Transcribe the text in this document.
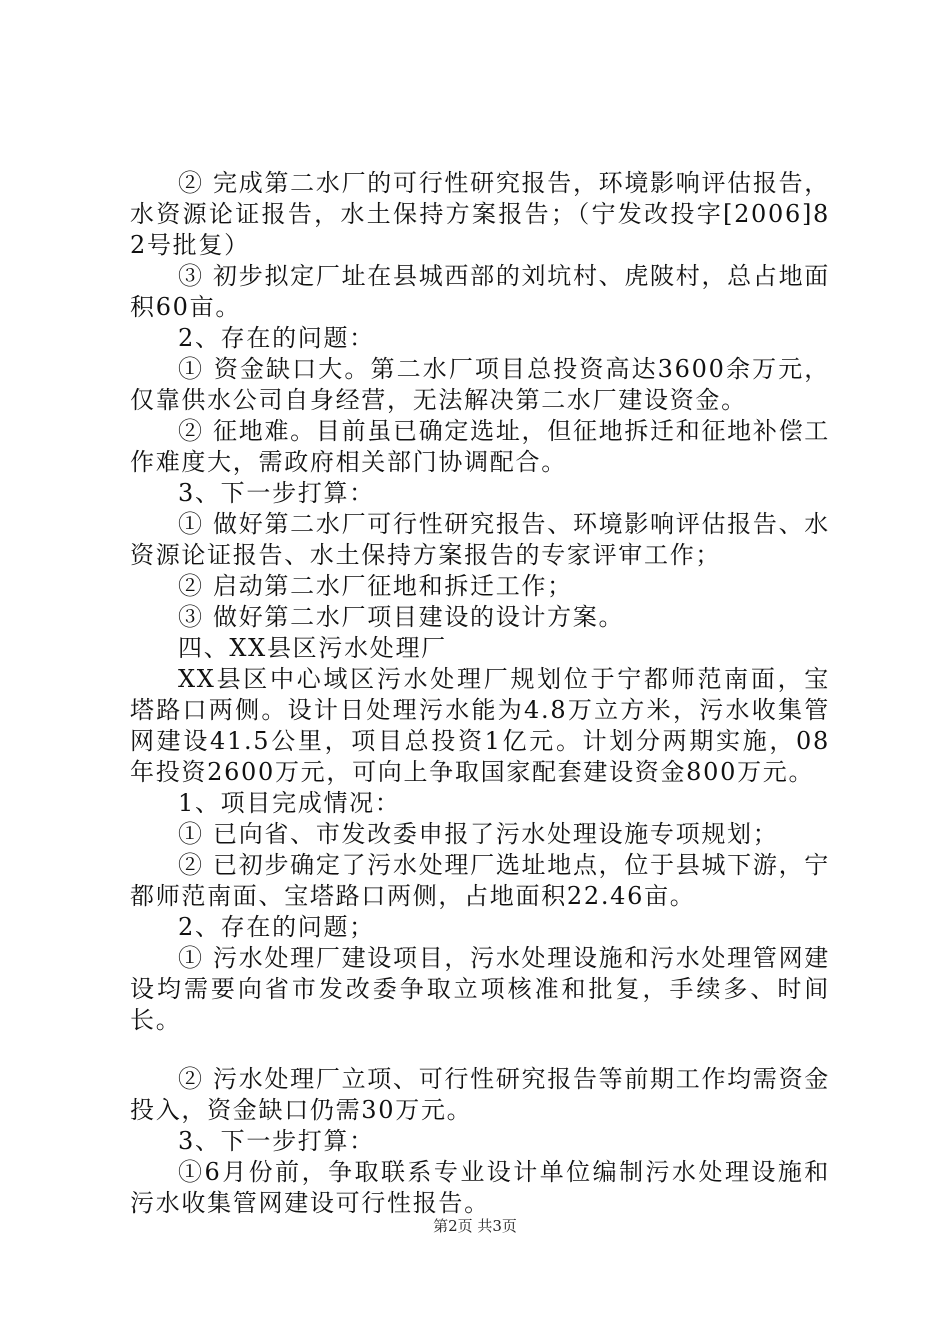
② 完成第二水厂的可行性研究报告，环境影响评估报告，水资源论证报告，水土保持方案报告；（宁发改投字[2006]82号批复）

③ 初步拟定厂址在县城西部的刘坑村、虎陂村，总占地面积60亩。

2、存在的问题：

① 资金缺口大。第二水厂项目总投资高达3600余万元，仅靠供水公司自身经营，无法解决第二水厂建设资金。

② 征地难。目前虽已确定选址，但征地拆迁和征地补偿工作难度大，需政府相关部门协调配合。

3、下一步打算：

① 做好第二水厂可行性研究报告、环境影响评估报告、水资源论证报告、水土保持方案报告的专家评审工作；

② 启动第二水厂征地和拆迁工作；

③ 做好第二水厂项目建设的设计方案。

四、XX县区污水处理厂

XX县区中心域区污水处理厂规划位于宁都师范南面，宝塔路口两侧。设计日处理污水能为4.8万立方米，污水收集管网建设41.5公里，项目总投资1亿元。计划分两期实施，08年投资2600万元，可向上争取国家配套建设资金800万元。

1、项目完成情况：

① 已向省、市发改委申报了污水处理设施专项规划；

② 已初步确定了污水处理厂选址地点，位于县城下游，宁都师范南面、宝塔路口两侧，占地面积22.46亩。

2、存在的问题；

① 污水处理厂建设项目，污水处理设施和污水处理管网建设均需要向省市发改委争取立项核准和批复，手续多、时间长。

② 污水处理厂立项、可行性研究报告等前期工作均需资金投入，资金缺口仍需30万元。

3、下一步打算：

①6月份前，争取联系专业设计单位编制污水处理设施和污水收集管网建设可行性报告。

第2页 共3页
